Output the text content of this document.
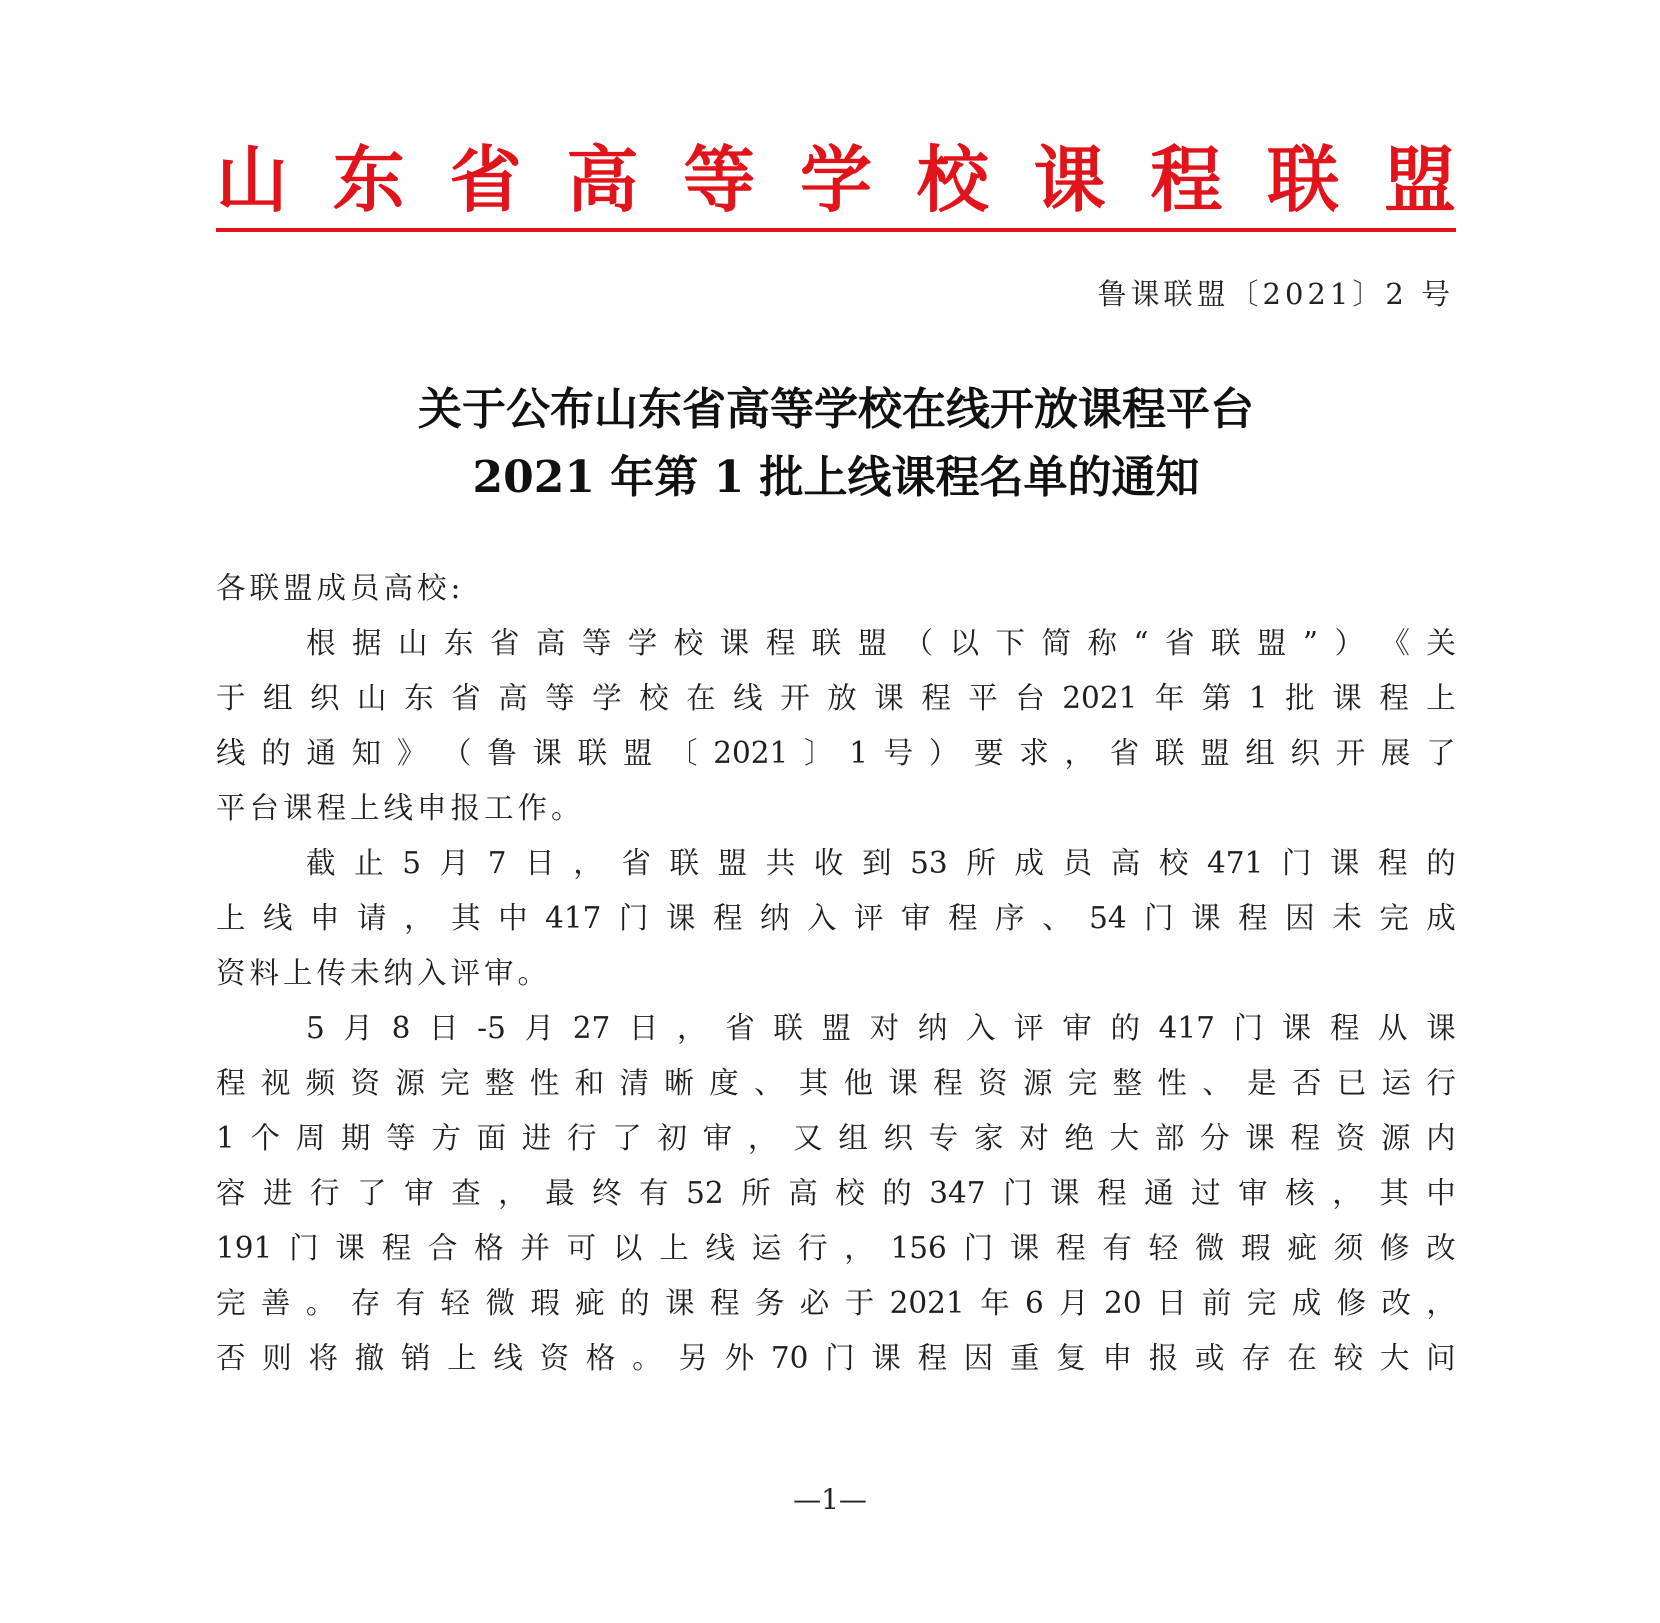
山 东 省 高 等 学 校 课 程 联 盟
鲁课联盟〔2021〕2 号
关于公布山东省高等学校在线开放课程平台
2021 年第 1 批上线课程名单的通知
各联盟成员高校:
根 据 山 东 省 高 等 学 校 课 程 联 盟 （ 以 下 简 称 “ 省 联 盟 ” ） 《 关
于 组 织 山 东 省 高 等 学 校 在 线 开 放 课 程 平 台 2021 年 第 1 批 课 程 上
线 的 通 知 》 （ 鲁 课 联 盟 〔 2021 〕 1 号 ） 要 求 ， 省 联 盟 组 织 开 展 了
平台课程上线申报工作。
截 止 5 月 7 日 ， 省 联 盟 共 收 到 53 所 成 员 高 校 471 门 课 程 的
上 线 申 请 ， 其 中 417 门 课 程 纳 入 评 审 程 序 、 54 门 课 程 因 未 完 成
资料上传未纳入评审。
5 月 8 日 -5 月 27 日 ， 省 联 盟 对 纳 入 评 审 的 417 门 课 程 从 课
程 视 频 资 源 完 整 性 和 清 晰 度 、 其 他 课 程 资 源 完 整 性 、 是 否 已 运 行
1 个 周 期 等 方 面 进 行 了 初 审 ， 又 组 织 专 家 对 绝 大 部 分 课 程 资 源 内
容 进 行 了 审 查 ， 最 终 有 52 所 高 校 的 347 门 课 程 通 过 审 核 ， 其 中
191 门 课 程 合 格 并 可 以 上 线 运 行 ， 156 门 课 程 有 轻 微 瑕 疵 须 修 改
完 善 。 存 有 轻 微 瑕 疵 的 课 程 务 必 于 2021 年 6 月 20 日 前 完 成 修 改 ，
否 则 将 撤 销 上 线 资 格 。 另 外 70 门 课 程 因 重 复 申 报 或 存 在 较 大 问
—1—
